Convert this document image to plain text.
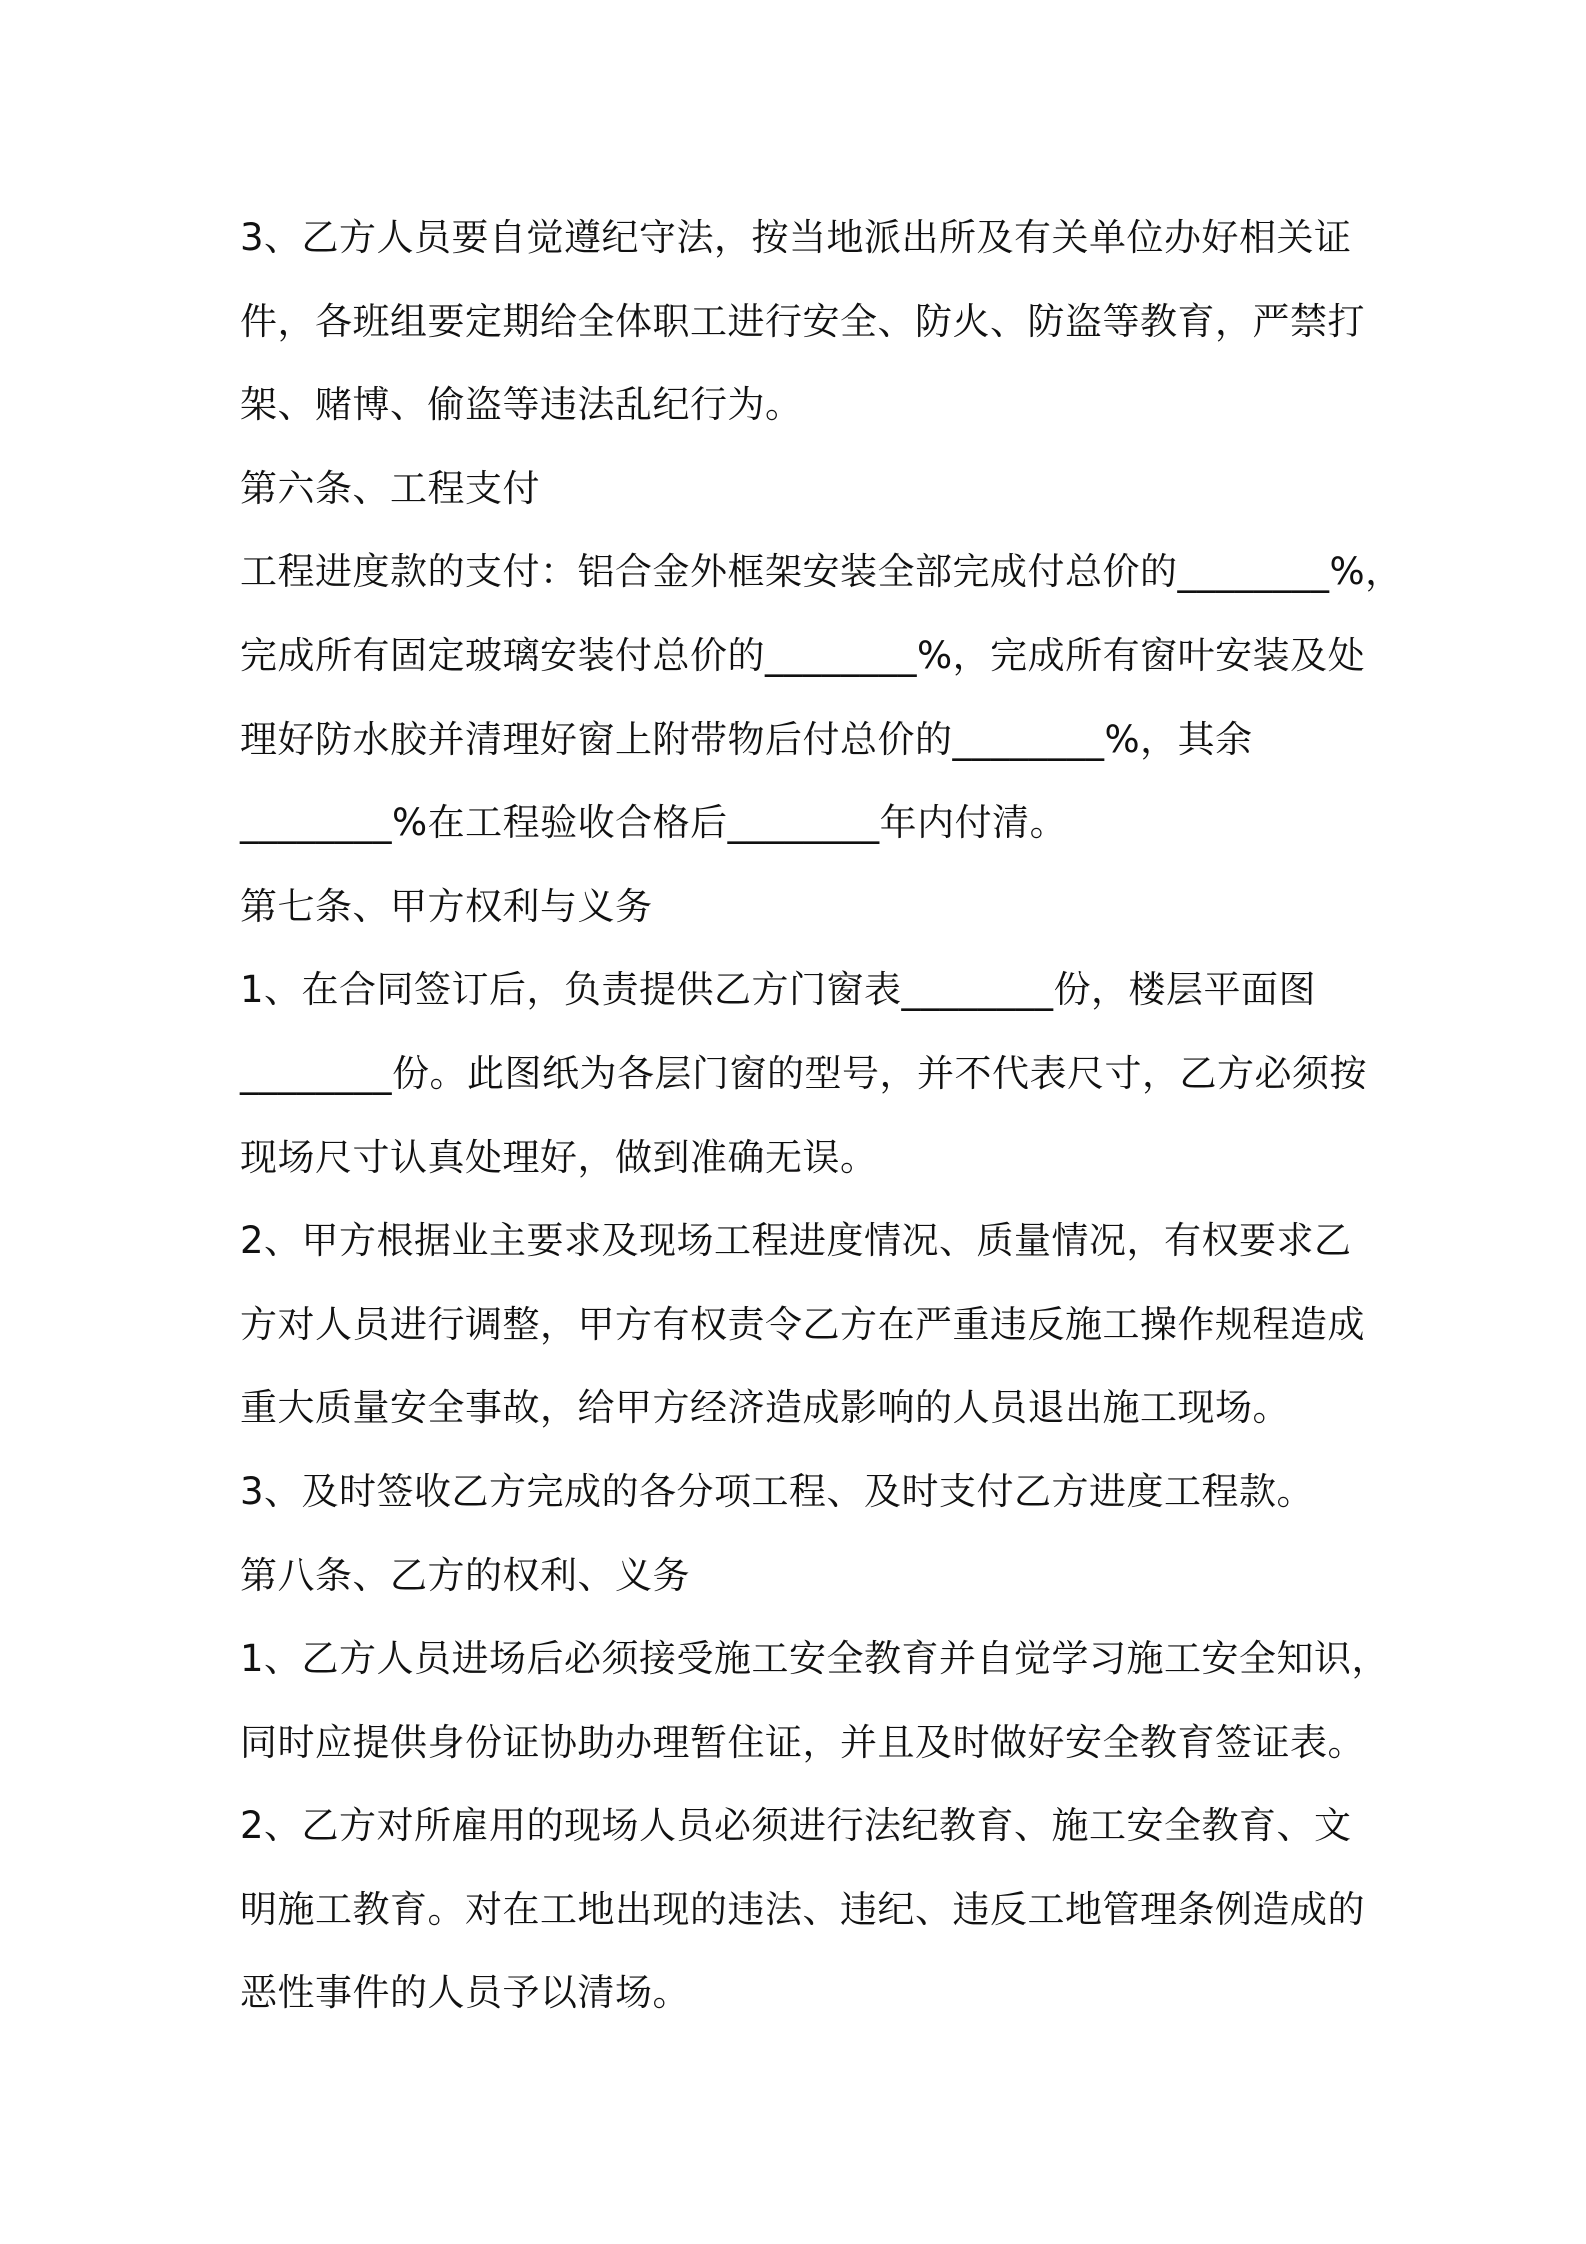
3、乙方人员要自觉遵纪守法，按当地派出所及有关单位办好相关证
件，各班组要定期给全体职工进行安全、防火、防盗等教育，严禁打
架、赌博、偷盗等违法乱纪行为。
第六条、工程支付
工程进度款的支付：铝合金外框架安装全部完成付总价的________%，
完成所有固定玻璃安装付总价的________%，完成所有窗叶安装及处
理好防水胶并清理好窗上附带物后付总价的________%，其余
________%在工程验收合格后________年内付清。
第七条、甲方权利与义务
1、在合同签订后，负责提供乙方门窗表________份，楼层平面图
________份。此图纸为各层门窗的型号，并不代表尺寸，乙方必须按
现场尺寸认真处理好，做到准确无误。
2、甲方根据业主要求及现场工程进度情况、质量情况，有权要求乙
方对人员进行调整，甲方有权责令乙方在严重违反施工操作规程造成
重大质量安全事故，给甲方经济造成影响的人员退出施工现场。
3、及时签收乙方完成的各分项工程、及时支付乙方进度工程款。
第八条、乙方的权利、义务
1、乙方人员进场后必须接受施工安全教育并自觉学习施工安全知识，
同时应提供身份证协助办理暂住证，并且及时做好安全教育签证表。
2、乙方对所雇用的现场人员必须进行法纪教育、施工安全教育、文
明施工教育。对在工地出现的违法、违纪、违反工地管理条例造成的
恶性事件的人员予以清场。
